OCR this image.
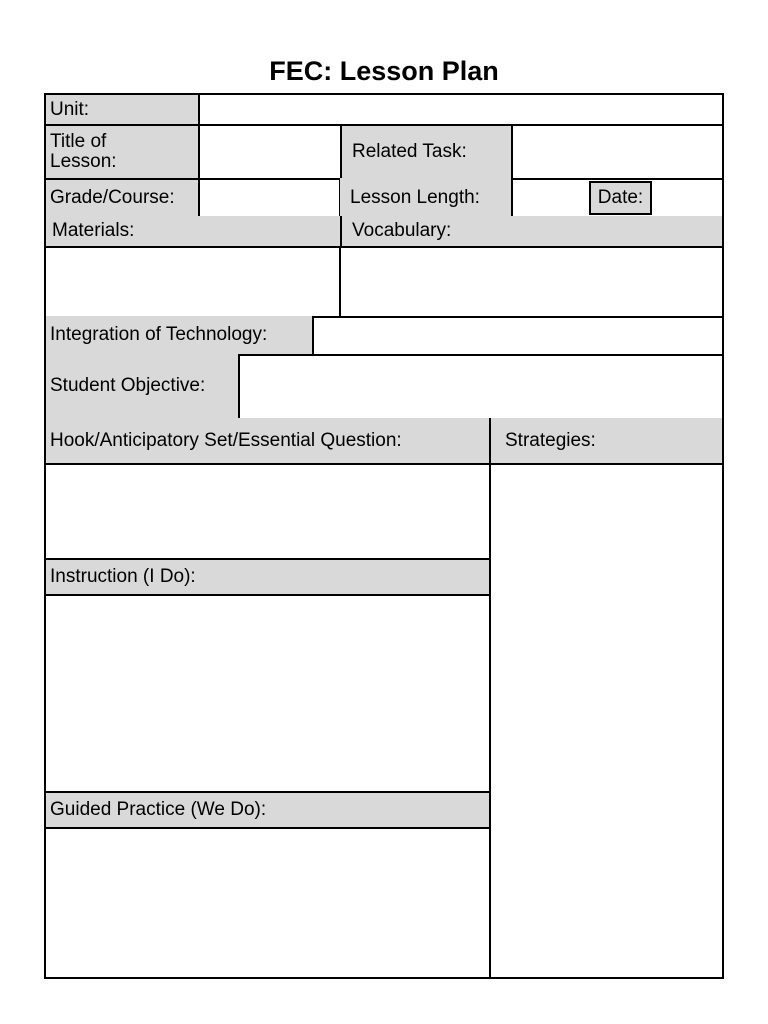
FEC: Lesson Plan
Unit:
Title of
Lesson:	Related Task:
Grade/Course:	Lesson Length:	Date:
Materials:	Vocabulary:
Integration of Technology:
Student Objective:
Hook/Anticipatory Set/Essential Question:	Strategies:
Instruction (I Do):
Guided Practice (We Do):
